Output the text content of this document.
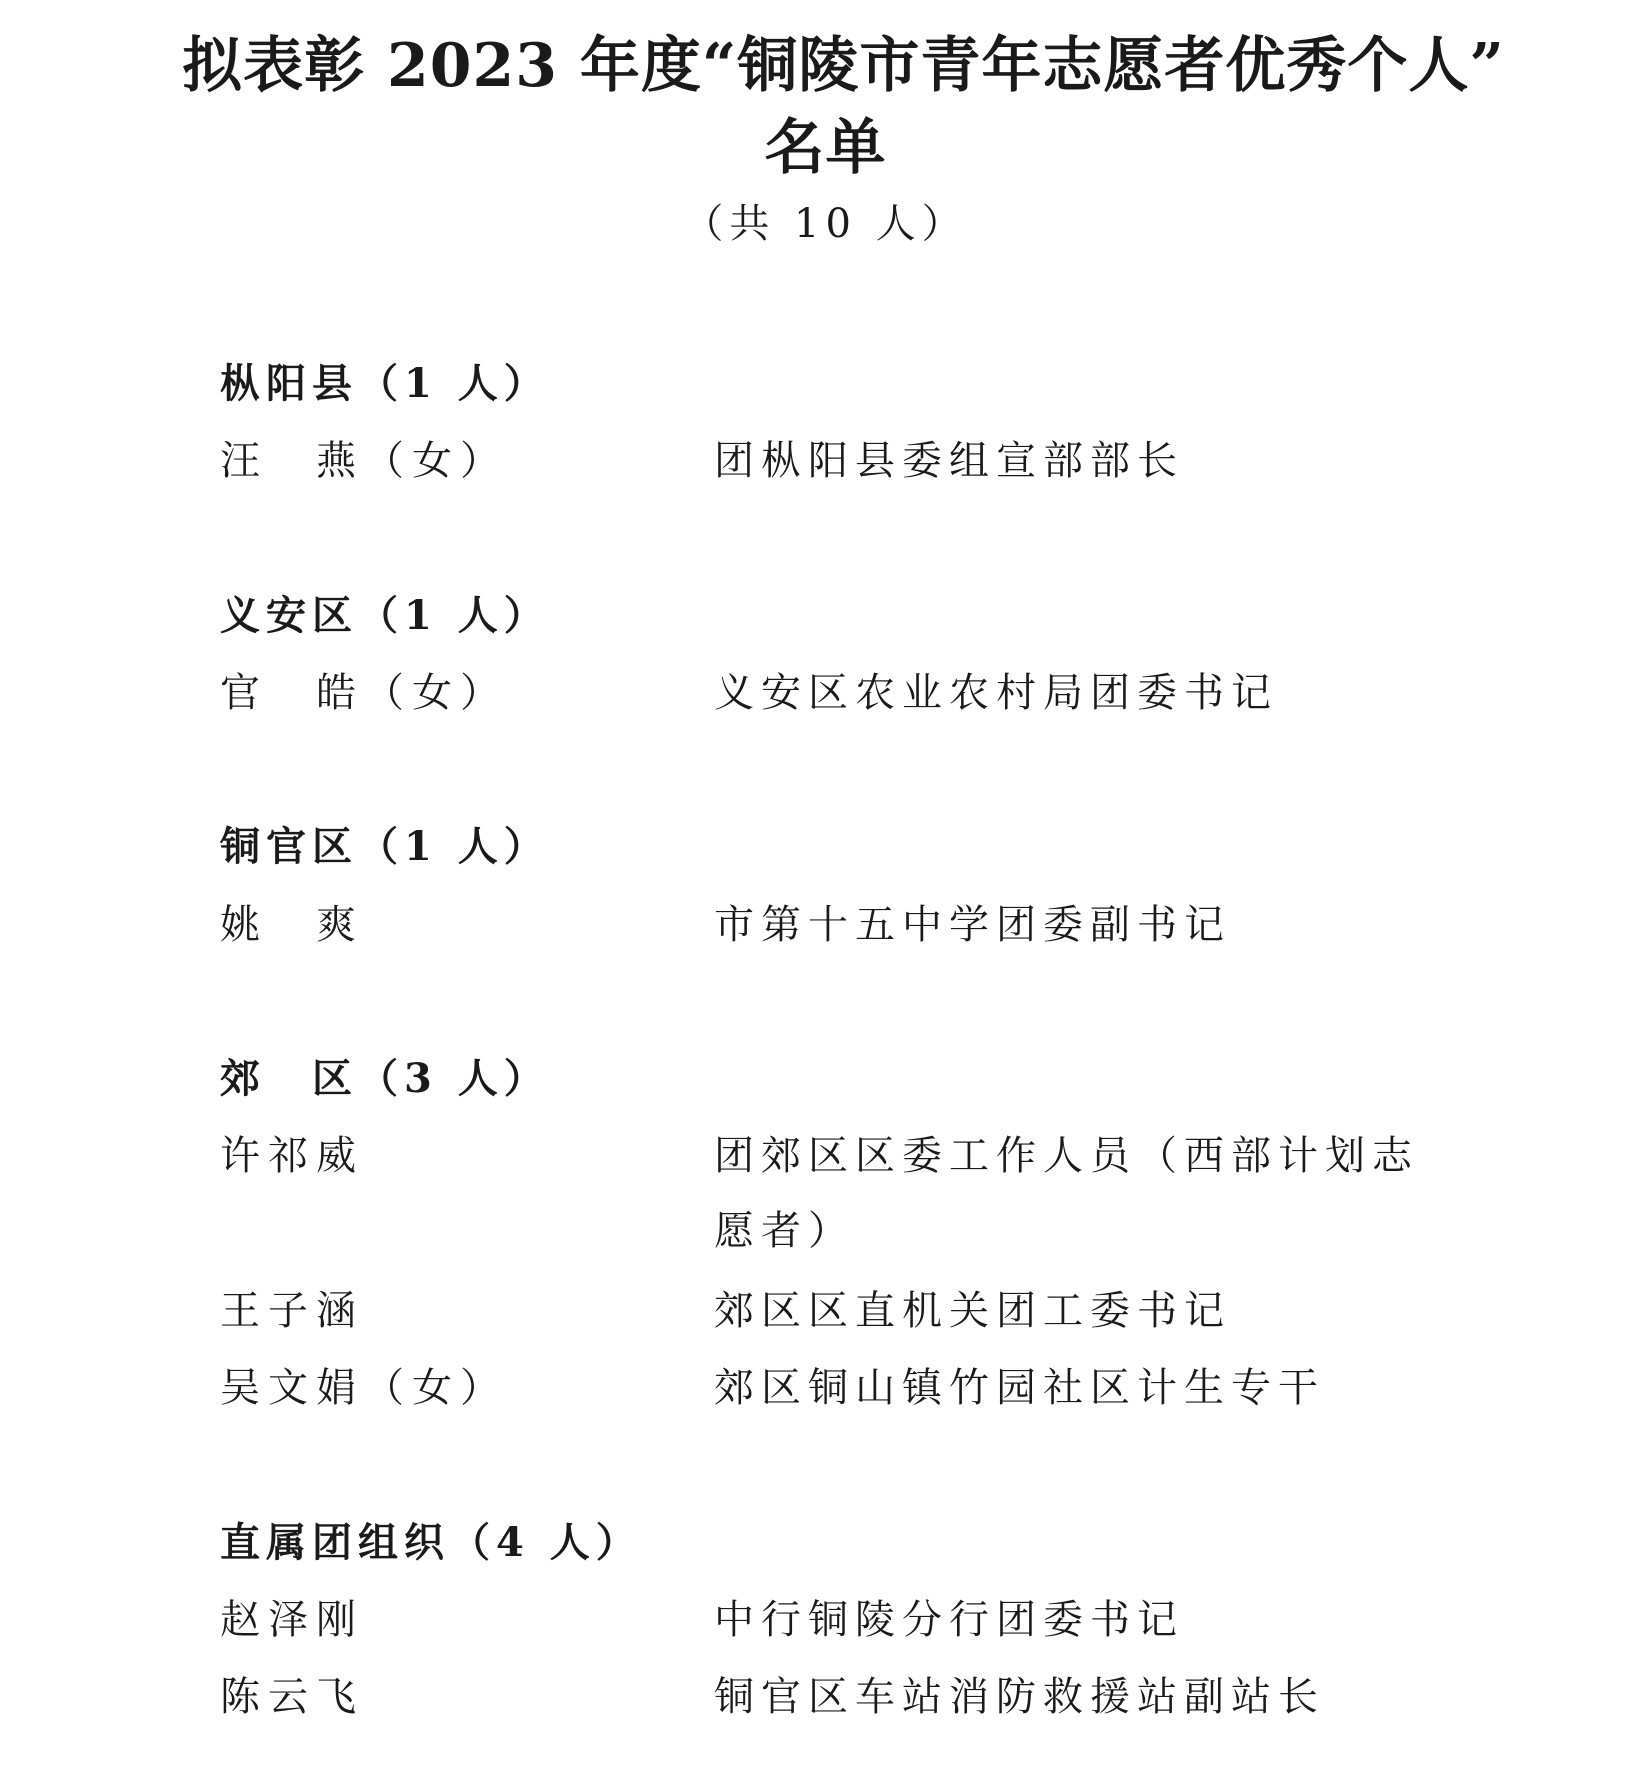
拟表彰 2023 年度“铜陵市青年志愿者优秀个人”
名单
（共 10 人）
枞阳县（1 人）
汪　燕（女）	团枞阳县委组宣部部长
义安区（1 人）
官　皓（女）	义安区农业农村局团委书记
铜官区（1 人）
姚　爽	市第十五中学团委副书记
郊　区（3 人）
许祁威	团郊区区委工作人员（西部计划志愿者）
王子涵	郊区区直机关团工委书记
吴文娟（女）	郊区铜山镇竹园社区计生专干
直属团组织（4 人）
赵泽刚	中行铜陵分行团委书记
陈云飞	铜官区车站消防救援站副站长
